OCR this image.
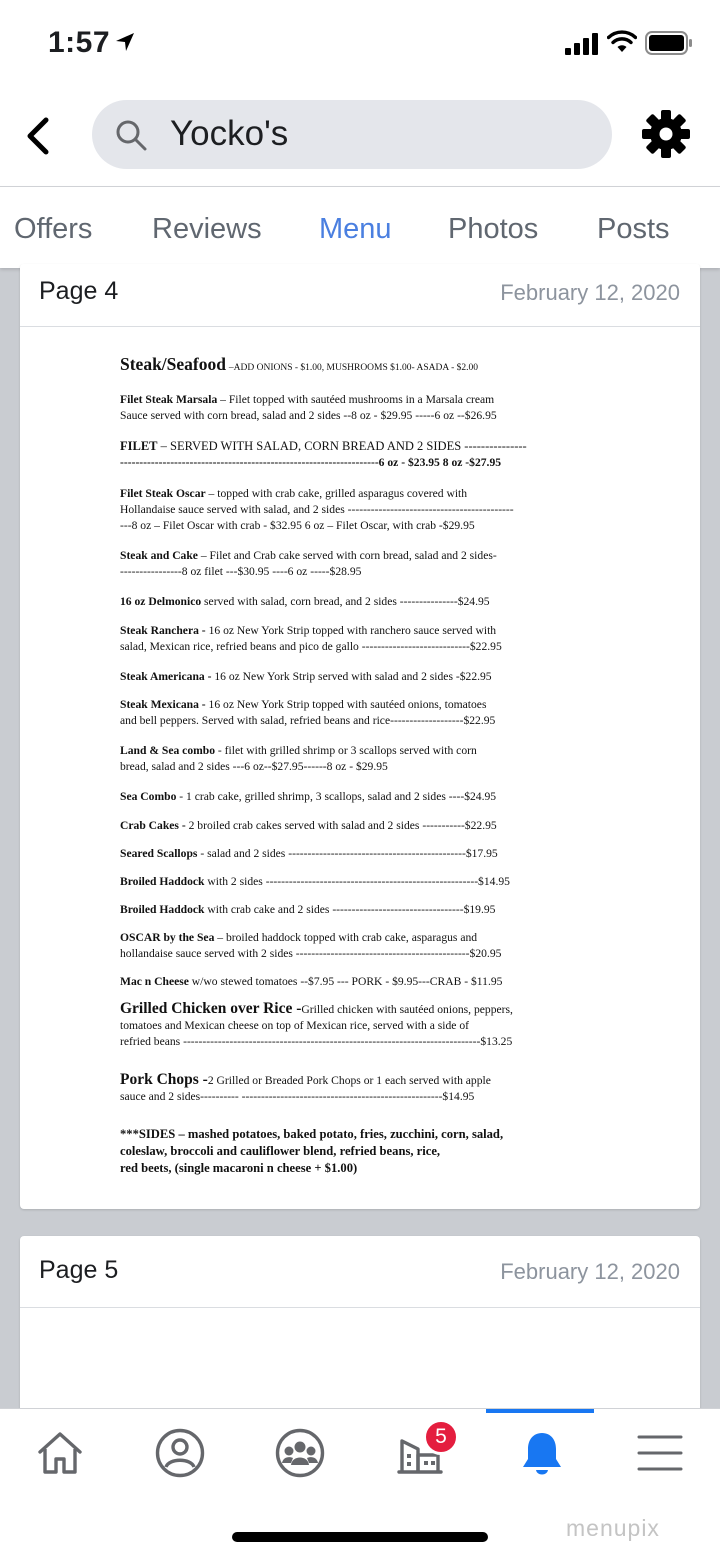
1:57
Yocko's
Offers Reviews Menu Photos Posts
Page 4	February 12, 2020
Steak/Seafood –ADD ONIONS - $1.00, MUSHROOMS $1.00- ASADA - $2.00
Filet Steak Marsala – Filet topped with sautéed mushrooms in a Marsala cream
Sauce served with corn bread, salad and 2 sides --8 oz - $29.95 -----6 oz --$26.95
FILET – SERVED WITH SALAD, CORN BREAD AND 2 SIDES ---------------
-------------------------------------------------------------------6 oz - $23.95 8 oz -$27.95
Filet Steak Oscar – topped with crab cake, grilled asparagus covered with
Hollandaise sauce served with salad, and 2 sides -------------------------------------------
---8 oz – Filet Oscar with crab - $32.95 6 oz – Filet Oscar, with crab -$29.95
Steak and Cake – Filet and Crab cake served with corn bread, salad and 2 sides-
----------------8 oz filet ---$30.95 ----6 oz -----$28.95
16 oz Delmonico served with salad, corn bread, and 2 sides ---------------$24.95
Steak Ranchera - 16 oz New York Strip topped with ranchero sauce served with
salad, Mexican rice, refried beans and pico de gallo ----------------------------$22.95
Steak Americana - 16 oz New York Strip served with salad and 2 sides -$22.95
Steak Mexicana - 16 oz New York Strip topped with sautéed onions, tomatoes
and bell peppers. Served with salad, refried beans and rice-------------------$22.95
Land & Sea combo - filet with grilled shrimp or 3 scallops served with corn
bread, salad and 2 sides ---6 oz--$27.95------8 oz - $29.95
Sea Combo - 1 crab cake, grilled shrimp, 3 scallops, salad and 2 sides ----$24.95
Crab Cakes - 2 broiled crab cakes served with salad and 2 sides -----------$22.95
Seared Scallops - salad and 2 sides ----------------------------------------------$17.95
Broiled Haddock with 2 sides -------------------------------------------------------$14.95
Broiled Haddock with crab cake and 2 sides ----------------------------------$19.95
OSCAR by the Sea – broiled haddock topped with crab cake, asparagus and
hollandaise sauce served with 2 sides ---------------------------------------------$20.95
Mac n Cheese w/wo stewed tomatoes --$7.95 --- PORK - $9.95---CRAB - $11.95
Grilled Chicken over Rice -Grilled chicken with sautéed onions, peppers,
tomatoes and Mexican cheese on top of Mexican rice, served with a side of
refried beans -----------------------------------------------------------------------------$13.25
Pork Chops -2 Grilled or Breaded Pork Chops or 1 each served with apple
sauce and 2 sides---------- ----------------------------------------------------$14.95
***SIDES – mashed potatoes, baked potato, fries, zucchini, corn, salad,
coleslaw, broccoli and cauliflower blend, refried beans, rice,
red beets, (single macaroni n cheese + $1.00)
Page 5	February 12, 2020
5
menupix
